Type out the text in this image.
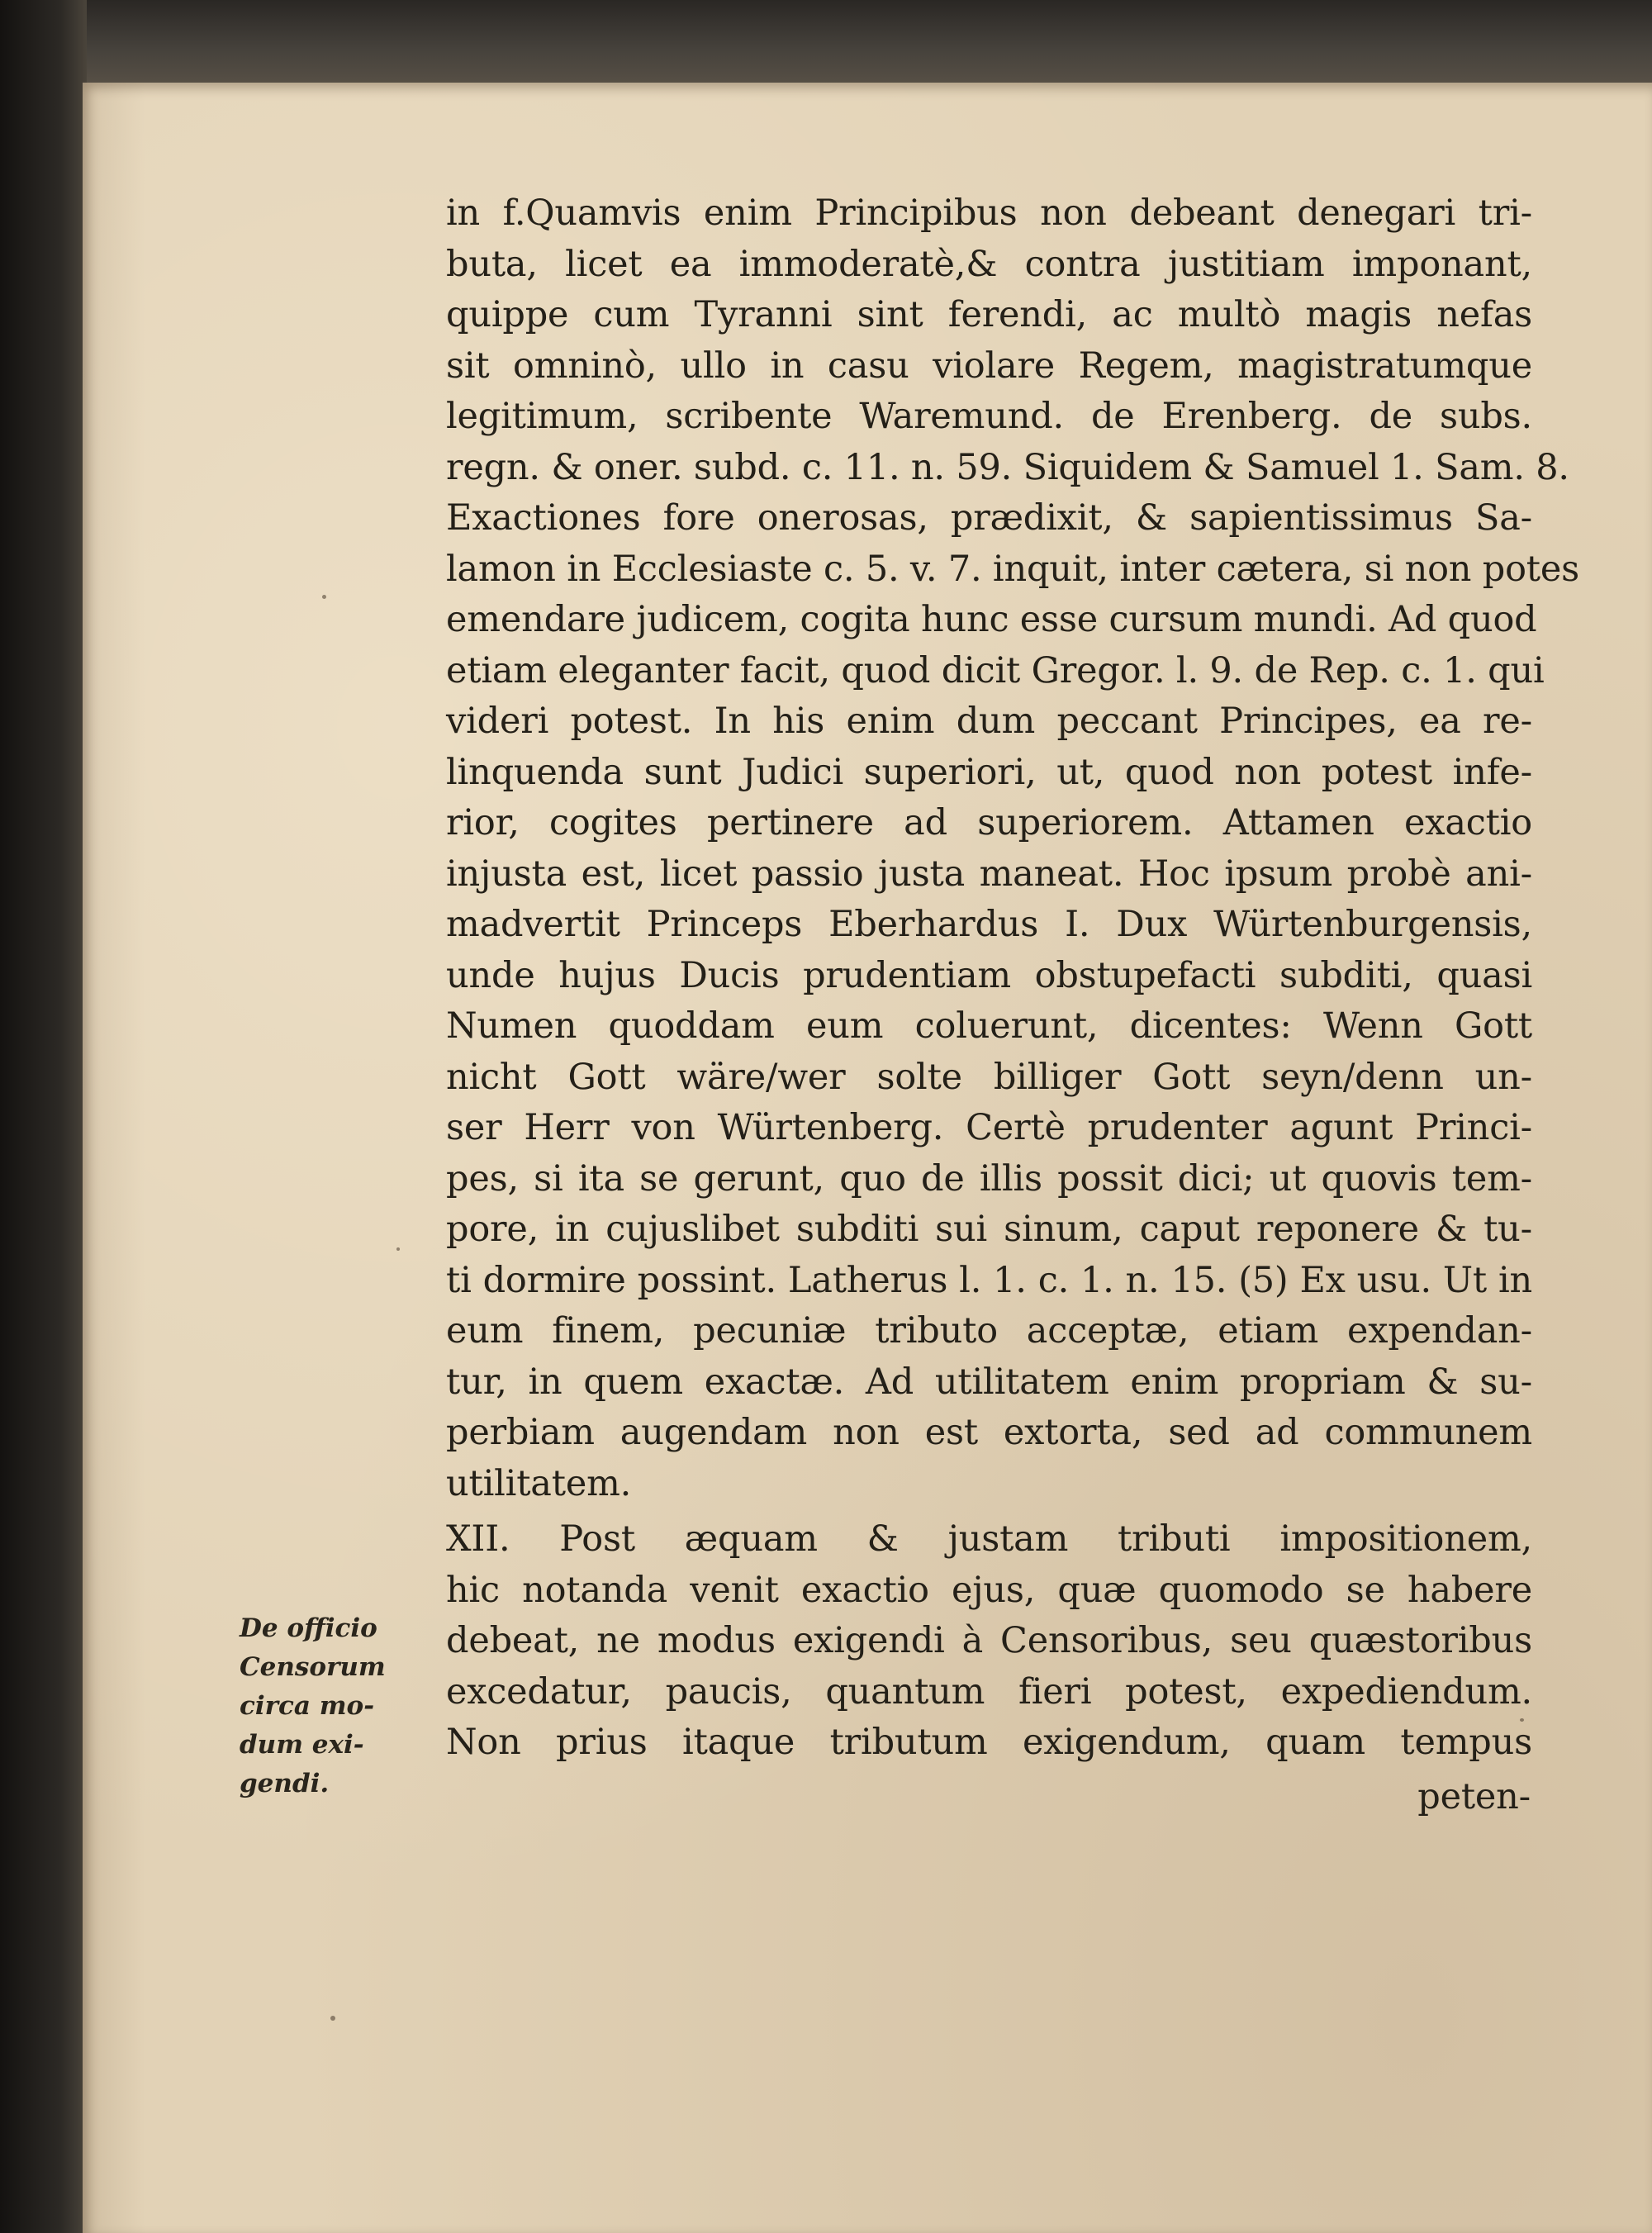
in f.Quamvis enim Principibus non debeant denegari tri-
buta, licet ea immoderatè,& contra justitiam imponant,
quippe cum Tyranni sint ferendi, ac multò magis nefas
sit omninò, ullo in casu violare Regem, magistratumque
legitimum, scribente Waremund. de Erenberg. de subs.
regn. & oner. subd. c. 11. n. 59. Siquidem & Samuel 1. Sam. 8.
Exactiones fore onerosas, prædixit, & sapientissimus Sa-
lamon in Ecclesiaste c. 5. v. 7. inquit, inter cætera, si non potes
emendare judicem, cogita hunc esse cursum mundi. Ad quod
etiam eleganter facit, quod dicit Gregor. l. 9. de Rep. c. 1. qui
videri potest. In his enim dum peccant Principes, ea re-
linquenda sunt Judici superiori, ut, quod non potest infe-
rior, cogites pertinere ad superiorem. Attamen exactio
injusta est, licet passio justa maneat. Hoc ipsum probè ani-
madvertit Princeps Eberhardus I. Dux Würtenburgensis,
unde hujus Ducis prudentiam obstupefacti subditi, quasi
Numen quoddam eum coluerunt, dicentes: Wenn Gott
nicht Gott wäre/wer solte billiger Gott seyn/denn un-
ser Herr von Würtenberg. Certè prudenter agunt Princi-
pes, si ita se gerunt, quo de illis possit dici; ut quovis tem-
pore, in cujuslibet subditi sui sinum, caput reponere & tu-
ti dormire possint. Latherus l. 1. c. 1. n. 15. (5) Ex usu. Ut in
eum finem, pecuniæ tributo acceptæ, etiam expendan-
tur, in quem exactæ. Ad utilitatem enim propriam & su-
perbiam augendam non est extorta, sed ad communem
utilitatem.
XII. Post æquam & justam tributi impositionem,
hic notanda venit exactio ejus, quæ quomodo se habere
debeat, ne modus exigendi à Censoribus, seu quæstoribus
excedatur, paucis, quantum fieri potest, expediendum.
Non prius itaque tributum exigendum, quam tempus
peten-
De officio
Censorum
circa mo-
dum exi-
gendi.
